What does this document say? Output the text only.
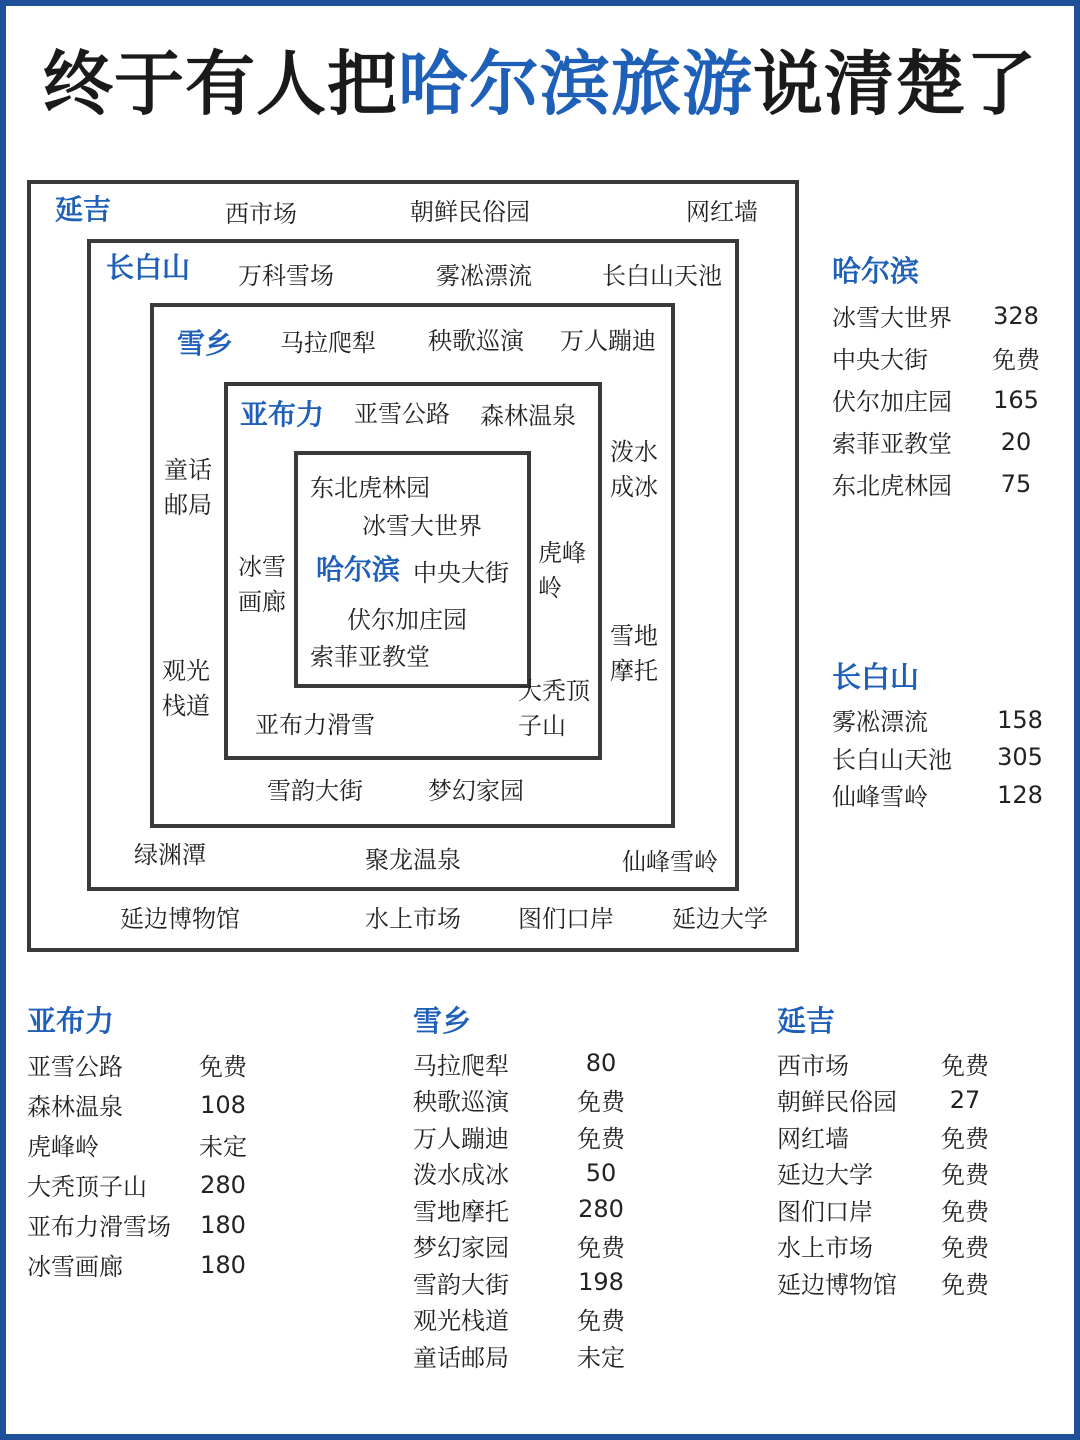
终于有人把哈尔滨旅游说清楚了
延吉	西市场	朝鲜民俗园	网红墙
延边博物馆	水上市场 图们口岸 延边大学
长白山 万科雪场	雾凇漂流	长白山天池
绿渊潭	聚龙温泉	仙峰雪岭
雪乡 马拉爬犁 秧歌巡演 万人蹦迪
童话邮局
观光栈道
泼水成冰
雪地摩托
雪韵大街	梦幻家园
亚布力 亚雪公路 森林温泉
冰雪画廊
虎峰岭
大秃顶子山
亚布力滑雪
哈尔滨
东北虎林园
冰雪大世界
中央大街
伏尔加庄园
索菲亚教堂
哈尔滨
冰雪大世界	328
中央大街	免费
伏尔加庄园	165
索菲亚教堂	20
东北虎林园	75
长白山
雾凇漂流	158
长白山天池	305
仙峰雪岭	128
亚布力
亚雪公路	免费
森林温泉	108
虎峰岭	未定
大秃顶子山	280
亚布力滑雪场	180
冰雪画廊	180
雪乡
马拉爬犁	80
秧歌巡演	免费
万人蹦迪	免费
泼水成冰	50
雪地摩托	280
梦幻家园	免费
雪韵大街	198
观光栈道	免费
童话邮局	未定
延吉
西市场	免费
朝鲜民俗园	27
网红墙	免费
延边大学	免费
图们口岸	免费
水上市场	免费
延边博物馆	免费
